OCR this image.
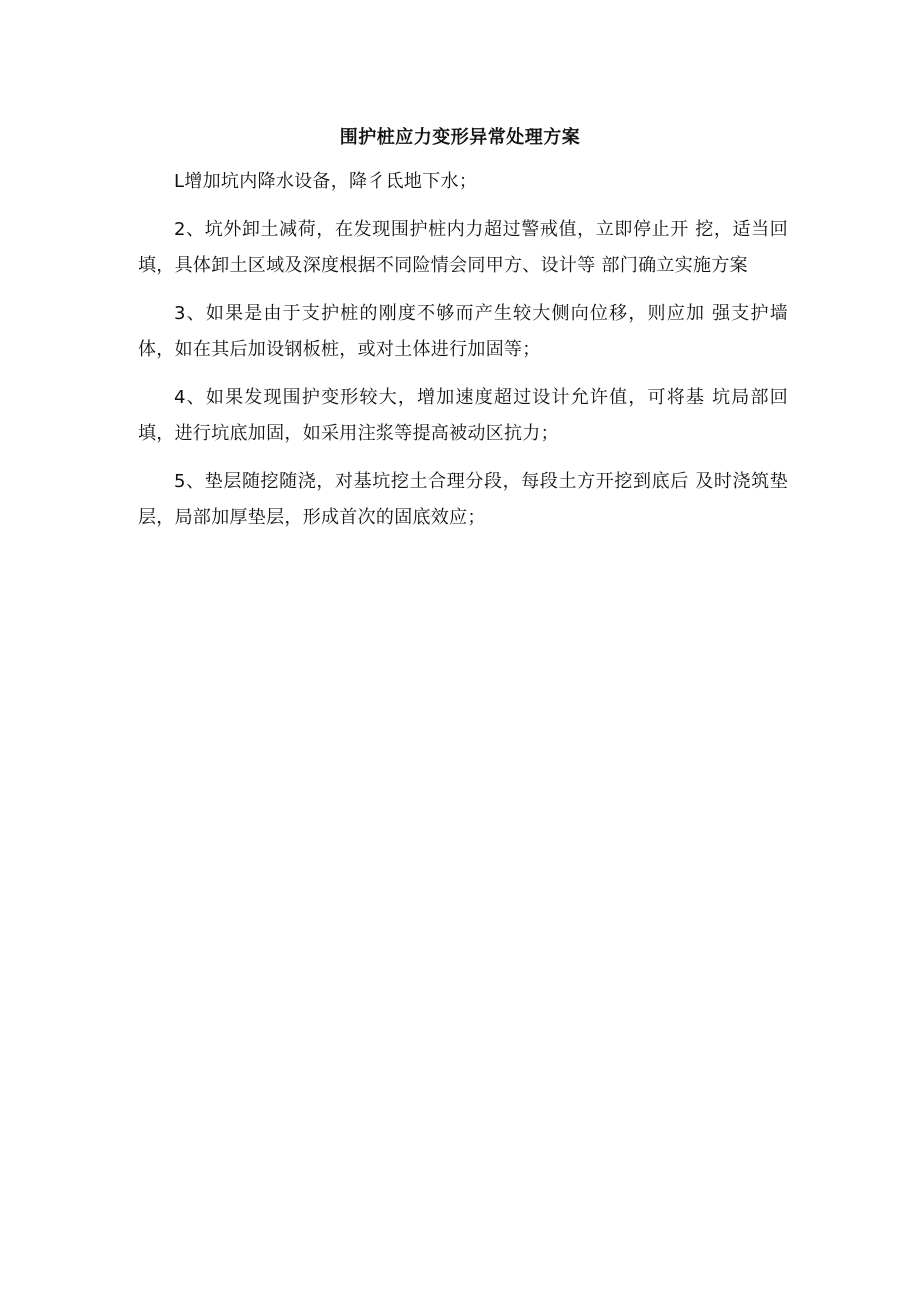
围护桩应力变形异常处理方案

L增加坑内降水设备，降彳氐地下水；

2、坑外卸土减荷，在发现围护桩内力超过警戒值，立即停止开 挖，适当回填，具体卸土区域及深度根据不同险情会同甲方、设计等 部门确立实施方案

3、如果是由于支护桩的刚度不够而产生较大侧向位移，则应加 强支护墙体，如在其后加设钢板桩，或对土体进行加固等；

4、如果发现围护变形较大，增加速度超过设计允许值，可将基 坑局部回填，进行坑底加固，如采用注浆等提高被动区抗力；

5、垫层随挖随浇，对基坑挖土合理分段，每段土方开挖到底后 及时浇筑垫层，局部加厚垫层，形成首次的固底效应；
